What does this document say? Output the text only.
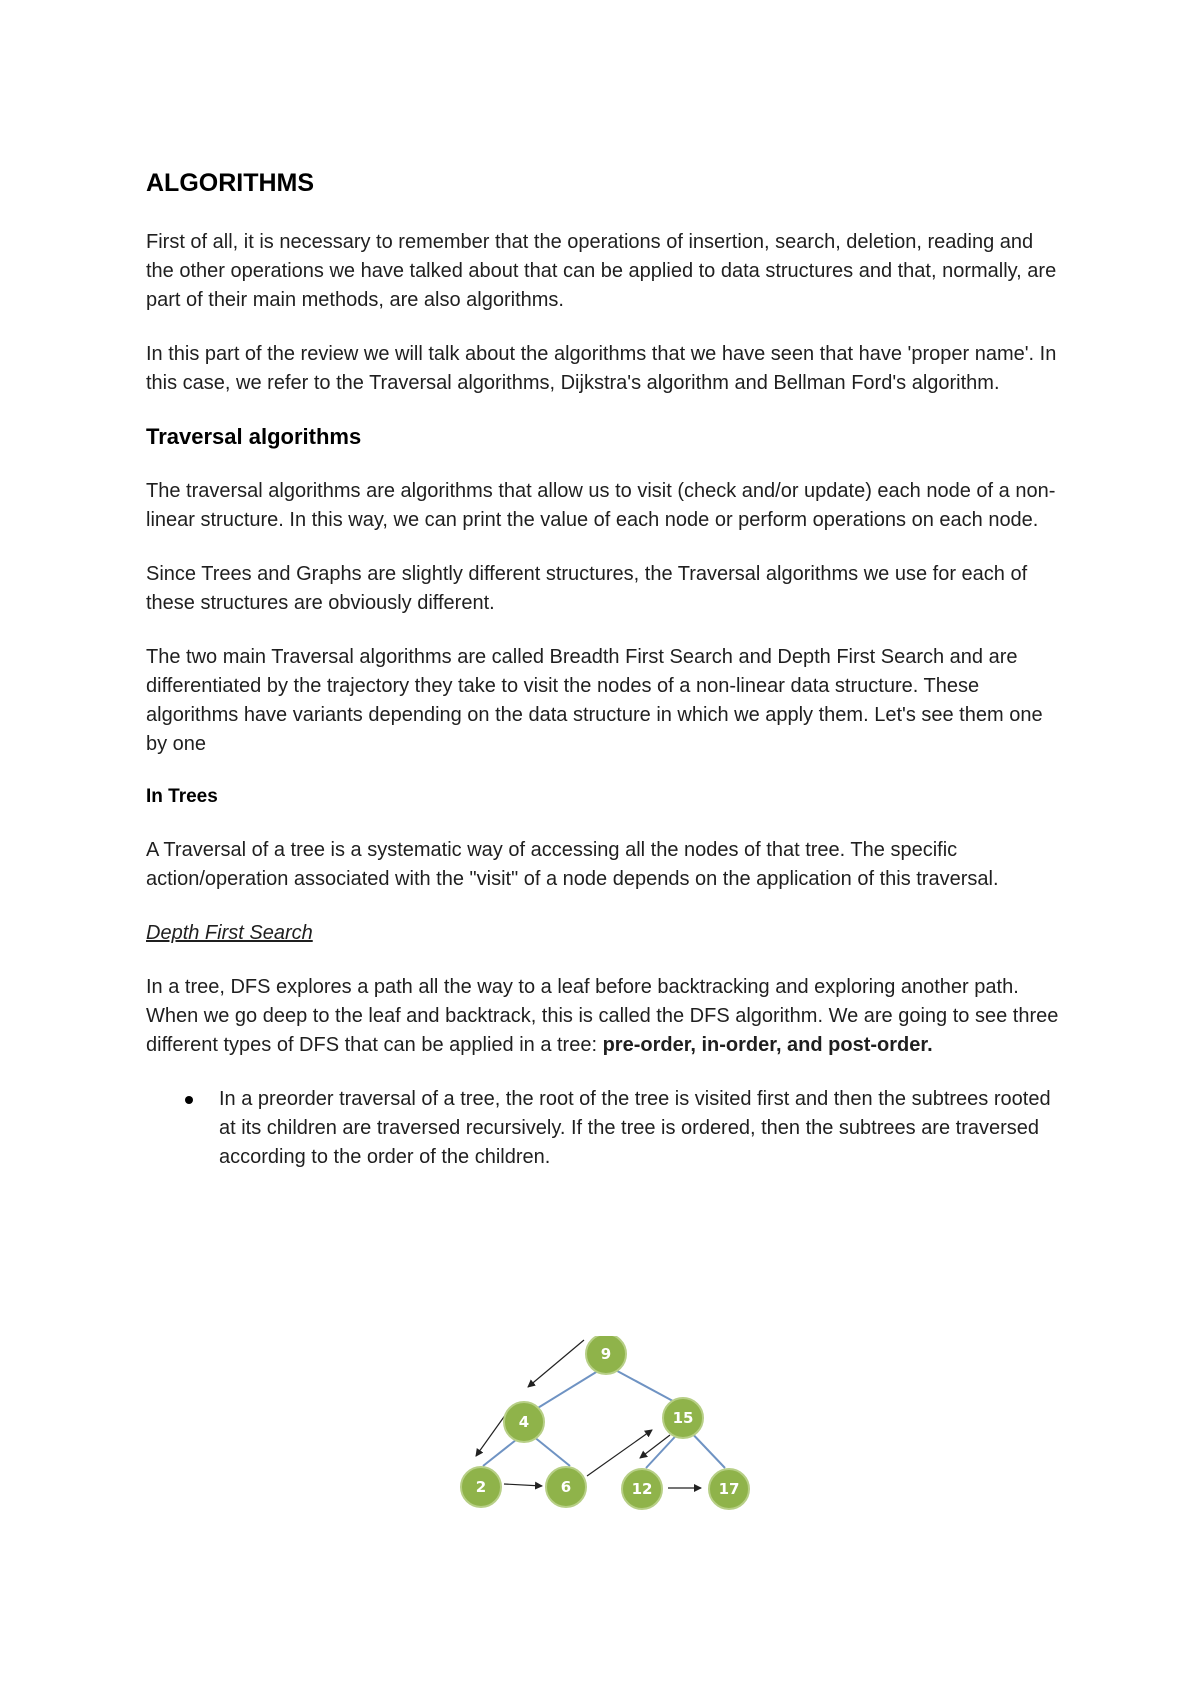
ALGORITHMS

First of all, it is necessary to remember that the operations of insertion, search, deletion, reading and the other operations we have talked about that can be applied to data structures and that, normally, are part of their main methods, are also algorithms.

In this part of the review we will talk about the algorithms that we have seen that have 'proper name'. In this case, we refer to the Traversal algorithms, Dijkstra's algorithm and Bellman Ford's algorithm.

Traversal algorithms

The traversal algorithms are algorithms that allow us to visit (check and/or update) each node of a non-linear structure. In this way, we can print the value of each node or perform operations on each node.

Since Trees and Graphs are slightly different structures, the Traversal algorithms we use for each of these structures are obviously different.

The two main Traversal algorithms are called Breadth First Search and Depth First Search and are differentiated by the trajectory they take to visit the nodes of a non-linear data structure. These algorithms have variants depending on the data structure in which we apply them. Let's see them one by one

In Trees

A Traversal of a tree is a systematic way of accessing all the nodes of that tree. The specific action/operation associated with the "visit" of a node depends on the application of this traversal.

Depth First Search

In a tree, DFS explores a path all the way to a leaf before backtracking and exploring another path. When we go deep to the leaf and backtrack, this is called the DFS algorithm. We are going to see three different types of DFS that can be applied in a tree: pre-order, in-order, and post-order.

In a preorder traversal of a tree, the root of the tree is visited first and then the subtrees rooted at its children are traversed recursively. If the tree is ordered, then the subtrees are traversed according to the order of the children.
9
4	15
2	6	12	17
